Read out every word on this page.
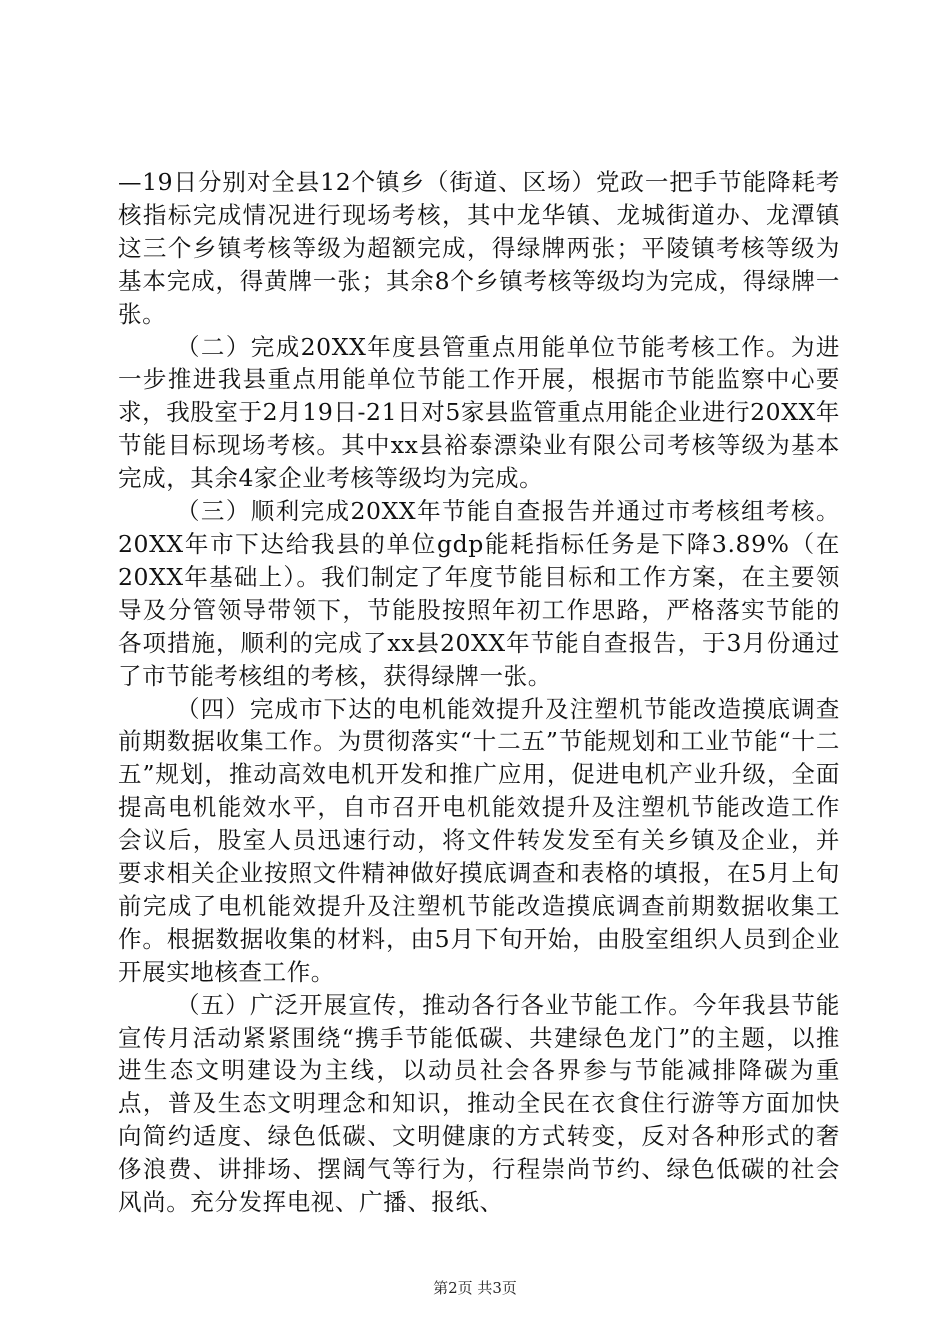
—19日分别对全县12个镇乡（街道、区场）党政一把手节能降耗考核指标完成情况进行现场考核，其中龙华镇、龙城街道办、龙潭镇这三个乡镇考核等级为超额完成，得绿牌两张；平陵镇考核等级为基本完成，得黄牌一张；其余8个乡镇考核等级均为完成，得绿牌一张。

（二）完成20XX年度县管重点用能单位节能考核工作。为进一步推进我县重点用能单位节能工作开展，根据市节能监察中心要求，我股室于2月19日-21日对5家县监管重点用能企业进行20XX年节能目标现场考核。其中xx县裕泰漂染业有限公司考核等级为基本完成，其余4家企业考核等级均为完成。

（三）顺利完成20XX年节能自查报告并通过市考核组考核。20XX年市下达给我县的单位gdp能耗指标任务是下降3.89%（在20XX年基础上）。我们制定了年度节能目标和工作方案，在主要领导及分管领导带领下，节能股按照年初工作思路，严格落实节能的各项措施，顺利的完成了xx县20XX年节能自查报告，于3月份通过了市节能考核组的考核，获得绿牌一张。

（四）完成市下达的电机能效提升及注塑机节能改造摸底调查前期数据收集工作。为贯彻落实“十二五”节能规划和工业节能“十二五”规划，推动高效电机开发和推广应用，促进电机产业升级，全面提高电机能效水平，自市召开电机能效提升及注塑机节能改造工作会议后，股室人员迅速行动，将文件转发发至有关乡镇及企业，并要求相关企业按照文件精神做好摸底调查和表格的填报，在5月上旬前完成了电机能效提升及注塑机节能改造摸底调查前期数据收集工作。根据数据收集的材料，由5月下旬开始，由股室组织人员到企业开展实地核查工作。

（五）广泛开展宣传，推动各行各业节能工作。今年我县节能宣传月活动紧紧围绕“携手节能低碳、共建绿色龙门”的主题，以推进生态文明建设为主线，以动员社会各界参与节能减排降碳为重点，普及生态文明理念和知识，推动全民在衣食住行游等方面加快向简约适度、绿色低碳、文明健康的方式转变，反对各种形式的奢侈浪费、讲排场、摆阔气等行为，行程崇尚节约、绿色低碳的社会风尚。充分发挥电视、广播、报纸、

第2页 共3页
